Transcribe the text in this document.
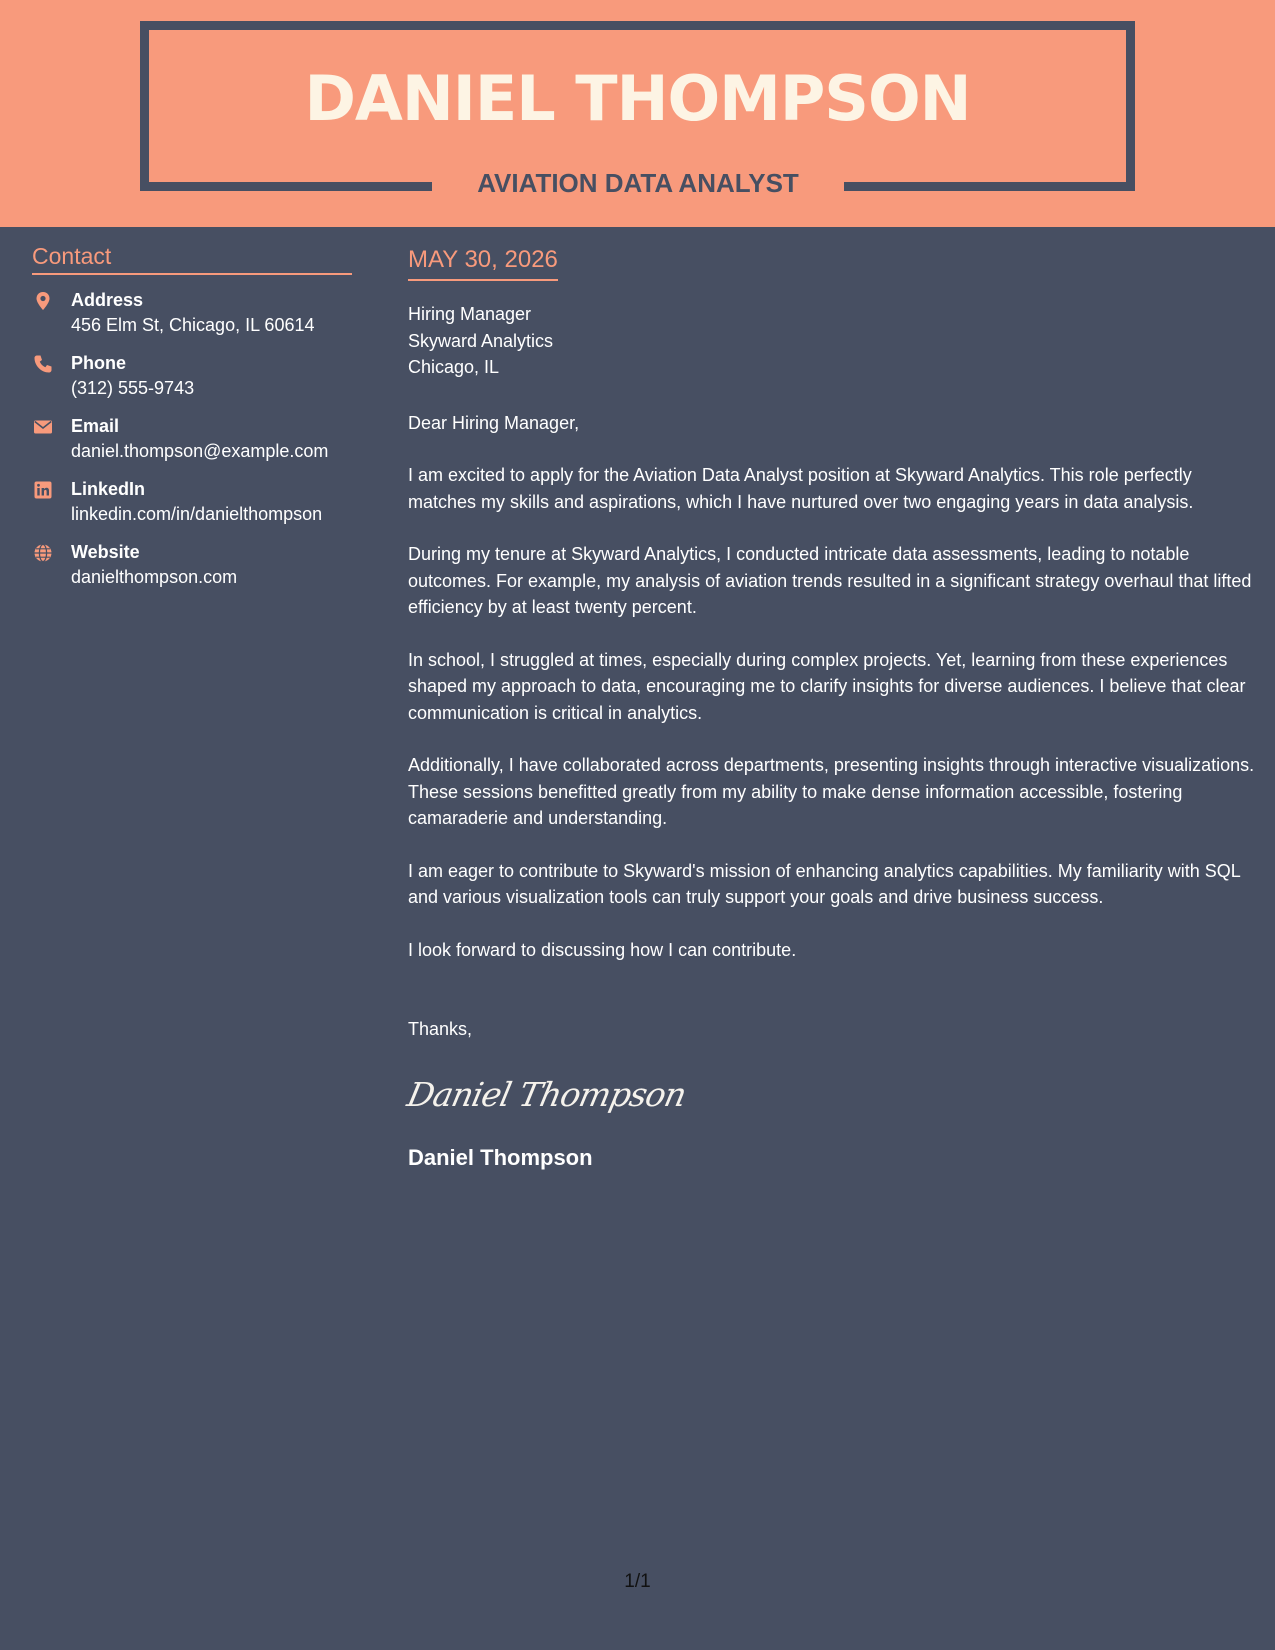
DANIEL THOMPSON
AVIATION DATA ANALYST
Contact
Address
456 Elm St, Chicago, IL 60614
Phone
(312) 555-9743
Email
daniel.thompson@example.com
LinkedIn
linkedin.com/in/danielthompson
Website
danielthompson.com
MAY 30, 2026
Hiring Manager
Skyward Analytics
Chicago, IL
Dear Hiring Manager,
I am excited to apply for the Aviation Data Analyst position at Skyward Analytics. This role perfectly matches my skills and aspirations, which I have nurtured over two engaging years in data analysis.
During my tenure at Skyward Analytics, I conducted intricate data assessments, leading to notable outcomes. For example, my analysis of aviation trends resulted in a significant strategy overhaul that lifted efficiency by at least twenty percent.
In school, I struggled at times, especially during complex projects. Yet, learning from these experiences shaped my approach to data, encouraging me to clarify insights for diverse audiences. I believe that clear communication is critical in analytics.
Additionally, I have collaborated across departments, presenting insights through interactive visualizations. These sessions benefitted greatly from my ability to make dense information accessible, fostering camaraderie and understanding.
I am eager to contribute to Skyward's mission of enhancing analytics capabilities. My familiarity with SQL and various visualization tools can truly support your goals and drive business success.
I look forward to discussing how I can contribute.
Thanks,
Daniel Thompson
Daniel Thompson
1/1
